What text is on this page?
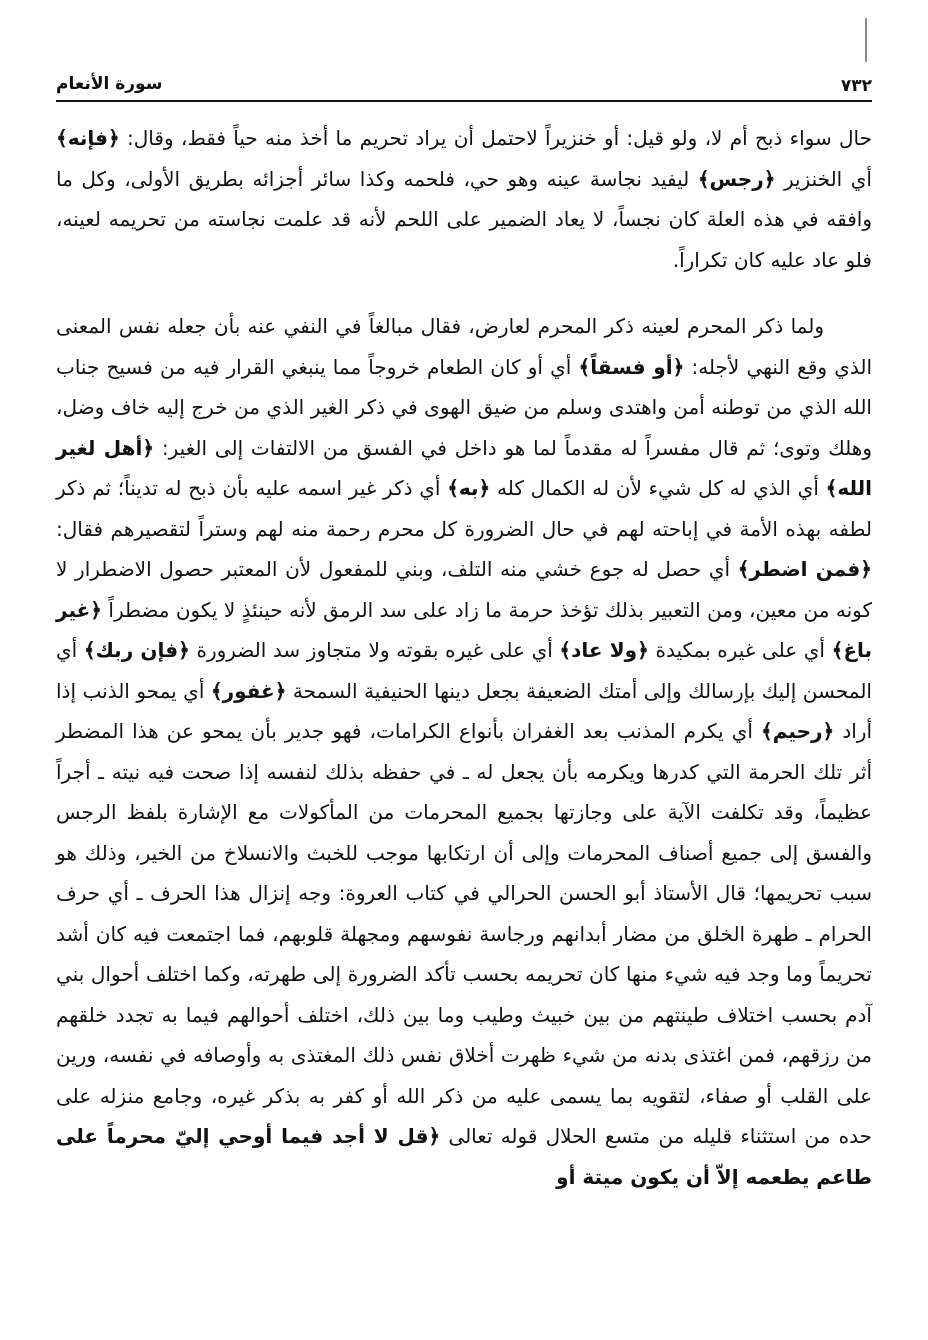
٧٣٢
سورة الأنعام

حال سواء ذبح أم لا، ولو قيل: أو خنزيراً لاحتمل أن يراد تحريم ما أخذ منه حياً فقط، وقال: ﴿فإنه﴾ أي الخنزير ﴿رجس﴾ ليفيد نجاسة عينه وهو حي، فلحمه وكذا سائر أجزائه بطريق الأولى، وكل ما وافقه في هذه العلة كان نجساً، لا يعاد الضمير على اللحم لأنه قد علمت نجاسته من تحريمه لعينه، فلو عاد عليه كان تكراراً.

ولما ذكر المحرم لعينه ذكر المحرم لعارض، فقال مبالغاً في النفي عنه بأن جعله نفس المعنى الذي وقع النهي لأجله: ﴿أو فسقاً﴾ أي أو كان الطعام خروجاً مما ينبغي القرار فيه من فسيح جناب الله الذي من توطنه أمن واهتدى وسلم من ضيق الهوى في ذكر الغير الذي من خرج إليه خاف وضل، وهلك وتوى؛ ثم قال مفسراً له مقدماً لما هو داخل في الفسق من الالتفات إلى الغير: ﴿أهل لغير الله﴾ أي الذي له كل شيء لأن له الكمال كله ﴿به﴾ أي ذكر غير اسمه عليه بأن ذبح له تديناً؛ ثم ذكر لطفه بهذه الأمة في إباحته لهم في حال الضرورة كل محرم رحمة منه لهم وستراً لتقصيرهم فقال: ﴿فمن اضطر﴾ أي حصل له جوع خشي منه التلف، وبني للمفعول لأن المعتبر حصول الاضطرار لا كونه من معين، ومن التعبير بذلك تؤخذ حرمة ما زاد على سد الرمق لأنه حينئذٍ لا يكون مضطراً ﴿غير باغ﴾ أي على غيره بمكيدة ﴿ولا عاد﴾ أي على غيره بقوته ولا متجاوز سد الضرورة ﴿فإن ربك﴾ أي المحسن إليك بإرسالك وإلى أمتك الضعيفة بجعل دينها الحنيفية السمحة ﴿غفور﴾ أي يمحو الذنب إذا أراد ﴿رحيم﴾ أي يكرم المذنب بعد الغفران بأنواع الكرامات، فهو جدير بأن يمحو عن هذا المضطر أثر تلك الحرمة التي كدرها ويكرمه بأن يجعل له ـ في حفظه بذلك لنفسه إذا صحت فيه نيته ـ أجراً عظيماً، وقد تكلفت الآية على وجازتها بجميع المحرمات من المأكولات مع الإشارة بلفظ الرجس والفسق إلى جميع أصناف المحرمات وإلى أن ارتكابها موجب للخبث والانسلاخ من الخير، وذلك هو سبب تحريمها؛ قال الأستاذ أبو الحسن الحرالي في كتاب العروة: وجه إنزال هذا الحرف ـ أي حرف الحرام ـ طهرة الخلق من مضار أبدانهم ورجاسة نفوسهم ومجهلة قلوبهم، فما اجتمعت فيه كان أشد تحريماً وما وجد فيه شيء منها كان تحريمه بحسب تأكد الضرورة إلى طهرته، وكما اختلف أحوال بني آدم بحسب اختلاف طينتهم من بين خبيث وطيب وما بين ذلك، اختلف أحوالهم فيما به تجدد خلقهم من رزقهم، فمن اغتذى بدنه من شيء ظهرت أخلاق نفس ذلك المغتذى به وأوصافه في نفسه، ورين على القلب أو صفاء، لتقويه بما يسمى عليه من ذكر الله أو كفر به بذكر غيره، وجامع منزله على حده من استثناء قليله من متسع الحلال قوله تعالى ﴿قل لا أجد فيما أوحي إليّ محرماً على طاعم يطعمه إلاّ أن يكون ميتة أو
